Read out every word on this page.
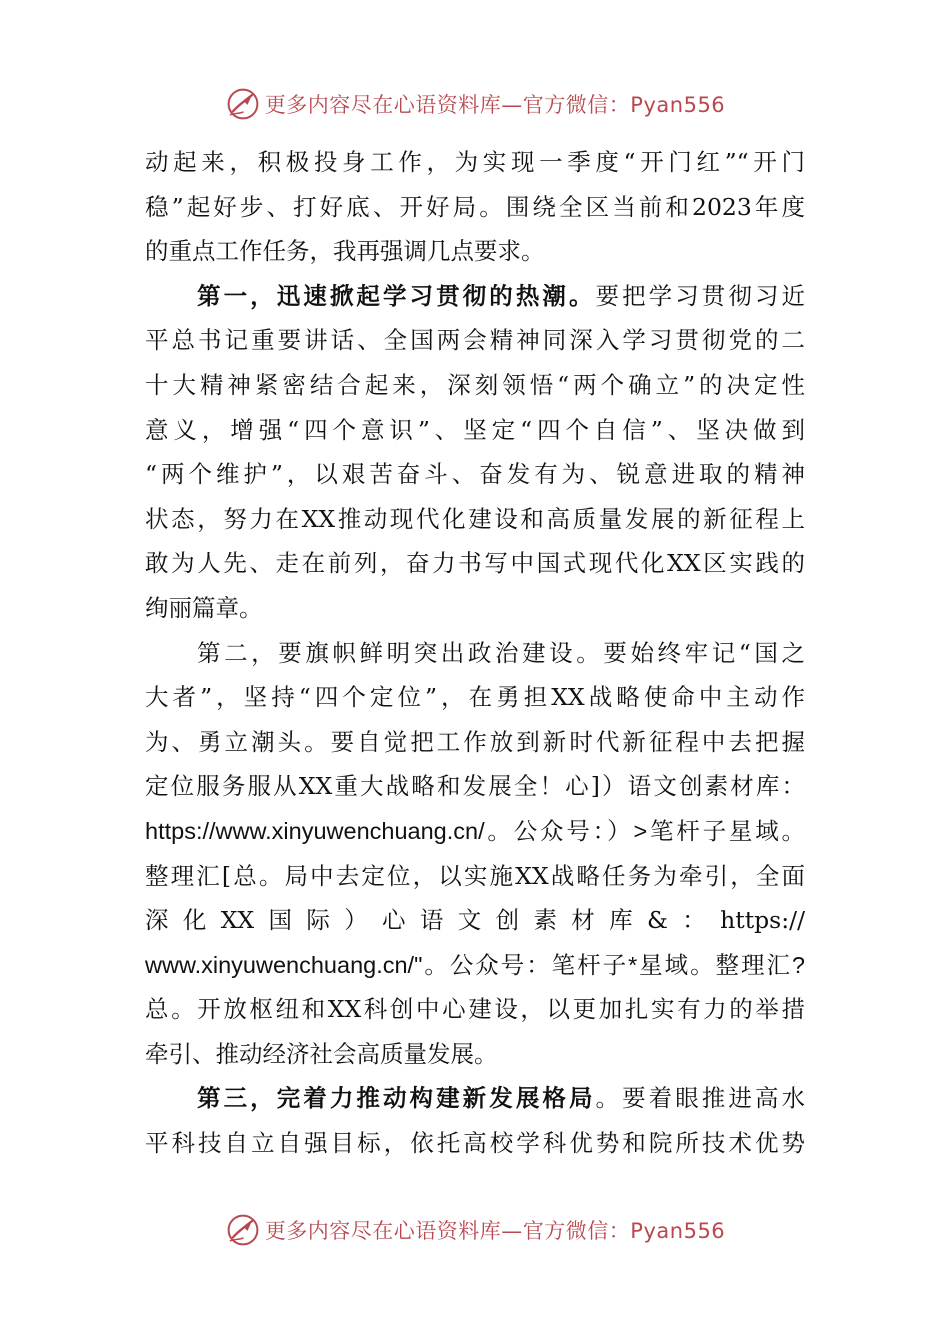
更多内容尽在心语资料库—官方微信：Pyan556
动起来，积极投身工作，为实现一季度“开门红”“开门
稳”起好步、打好底、开好局。围绕全区当前和2023年度
的重点工作任务，我再强调几点要求。
第一，迅速掀起学习贯彻的热潮。要把学习贯彻习近
平总书记重要讲话、全国两会精神同深入学习贯彻党的二
十大精神紧密结合起来，深刻领悟“两个确立”的决定性
意义，增强“四个意识”、坚定“四个自信”、坚决做到
“两个维护”，以艰苦奋斗、奋发有为、锐意进取的精神
状态，努力在XX推动现代化建设和高质量发展的新征程上
敢为人先、走在前列，奋力书写中国式现代化XX区实践的
绚丽篇章。
第二，要旗帜鲜明突出政治建设。要始终牢记“国之
大者”，坚持“四个定位”，在勇担XX战略使命中主动作
为、勇立潮头。要自觉把工作放到新时代新征程中去把握
定位服务服从XX重大战略和发展全！心]）语文创素材库：
https://www.xinyuwenchuang.cn/。公众号：）>笔杆子星域。
整理汇[总。局中去定位，以实施XX战略任务为牵引，全面
深化XX国际）心语文创素材库&：https://
www.xinyuwenchuang.cn/"。公众号：笔杆子*星域。整理汇?
总。开放枢纽和XX科创中心建设，以更加扎实有力的举措
牵引、推动经济社会高质量发展。
第三，完着力推动构建新发展格局。要着眼推进高水
平科技自立自强目标，依托高校学科优势和院所技术优势
更多内容尽在心语资料库—官方微信：Pyan556
